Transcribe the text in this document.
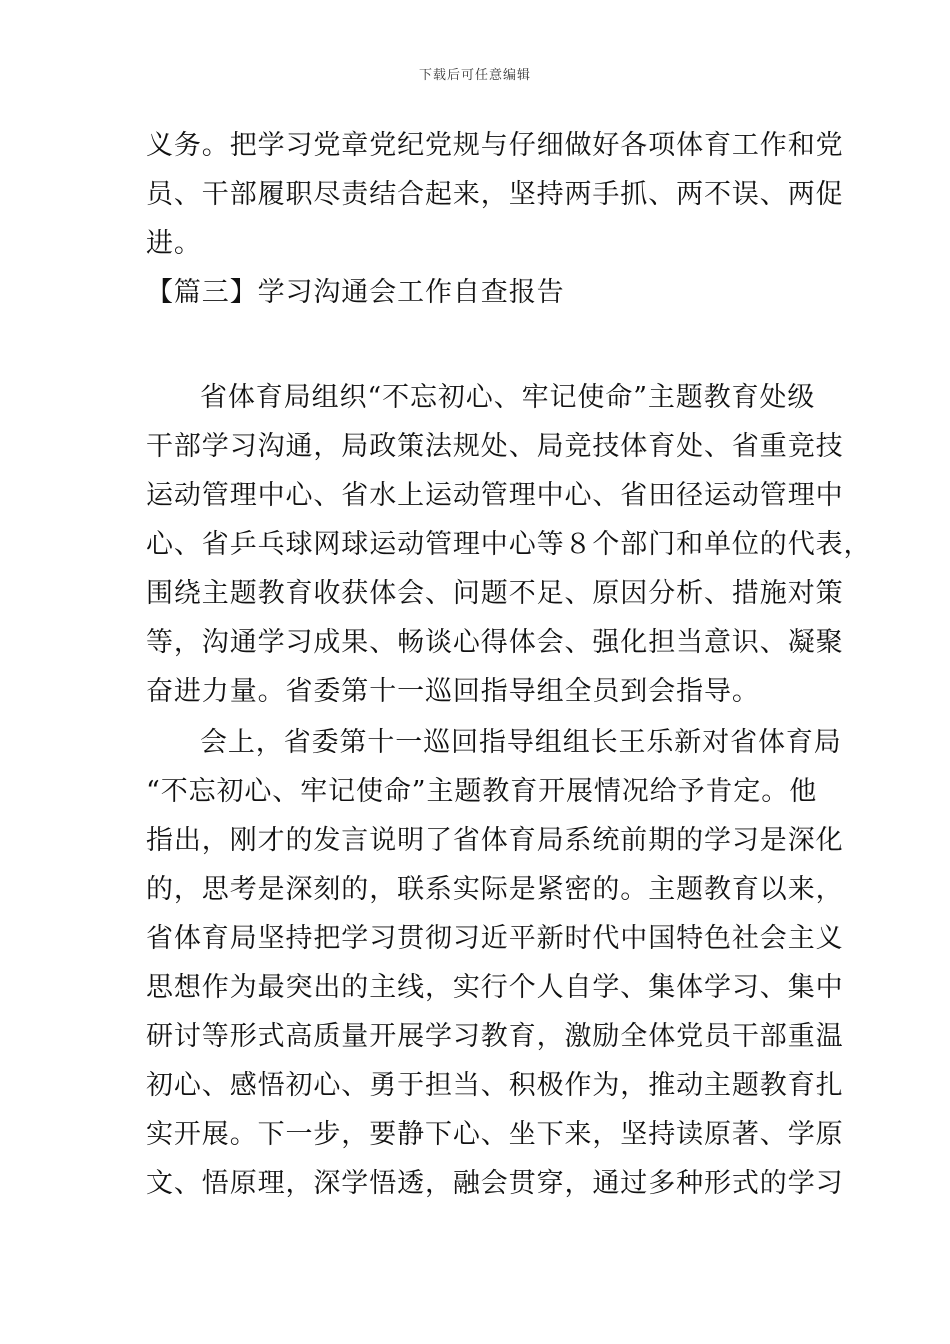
下载后可任意编辑
义务。把学习党章党纪党规与仔细做好各项体育工作和党
员、干部履职尽责结合起来，坚持两手抓、两不误、两促
进。
【篇三】学习沟通会工作自查报告
省体育局组织“不忘初心、牢记使命”主题教育处级
干部学习沟通，局政策法规处、局竞技体育处、省重竞技
运动管理中心、省水上运动管理中心、省田径运动管理中
心、省乒乓球网球运动管理中心等８个部门和单位的代表，
围绕主题教育收获体会、问题不足、原因分析、措施对策
等，沟通学习成果、畅谈心得体会、强化担当意识、凝聚
奋进力量。省委第十一巡回指导组全员到会指导。
会上，省委第十一巡回指导组组长王乐新对省体育局
“不忘初心、牢记使命”主题教育开展情况给予肯定。他
指出，刚才的发言说明了省体育局系统前期的学习是深化
的，思考是深刻的，联系实际是紧密的。主题教育以来，
省体育局坚持把学习贯彻习近平新时代中国特色社会主义
思想作为最突出的主线，实行个人自学、集体学习、集中
研讨等形式高质量开展学习教育，激励全体党员干部重温
初心、感悟初心、勇于担当、积极作为，推动主题教育扎
实开展。下一步，要静下心、坐下来，坚持读原著、学原
文、悟原理，深学悟透，融会贯穿，通过多种形式的学习
